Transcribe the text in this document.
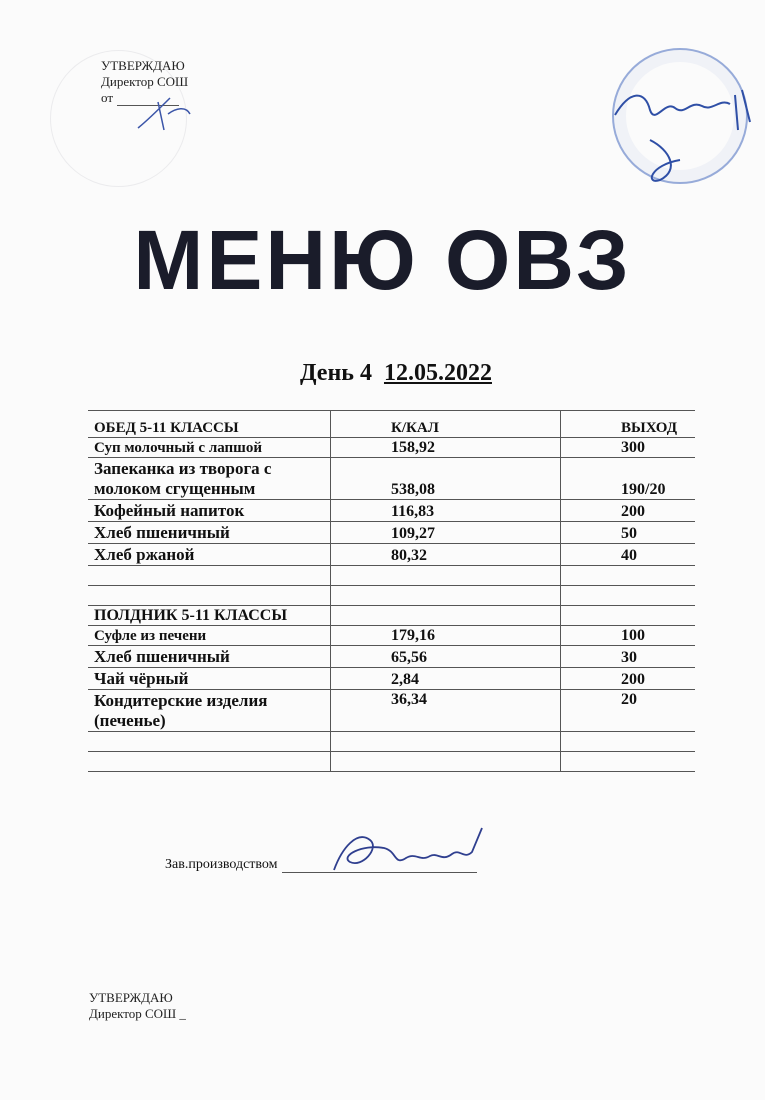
УТВЕРЖДАЮ
Директор СОШ
от
МЕНЮ ОВЗ
День 4 12.05.2022
ОБЕД 5-11 КЛАССЫ	К/КАЛ	ВЫХОД
Суп молочный с лапшой	158,92	300

Запеканка из творога с
молоком сгущенным	538,08	190/20
Кофейный напиток	116,83	200
Хлеб пшеничный	109,27	50
Хлеб ржаной	80,32	40

ПОЛДНИК 5-11 КЛАССЫ		
Суфле из печени	179,16	100
Хлеб пшеничный	65,56	30
Чай чёрный	2,84	200

Кондитерские изделия
(печенье)	36,34	20

Зав.производством
УТВЕРЖДАЮ
Директор СОШ _
